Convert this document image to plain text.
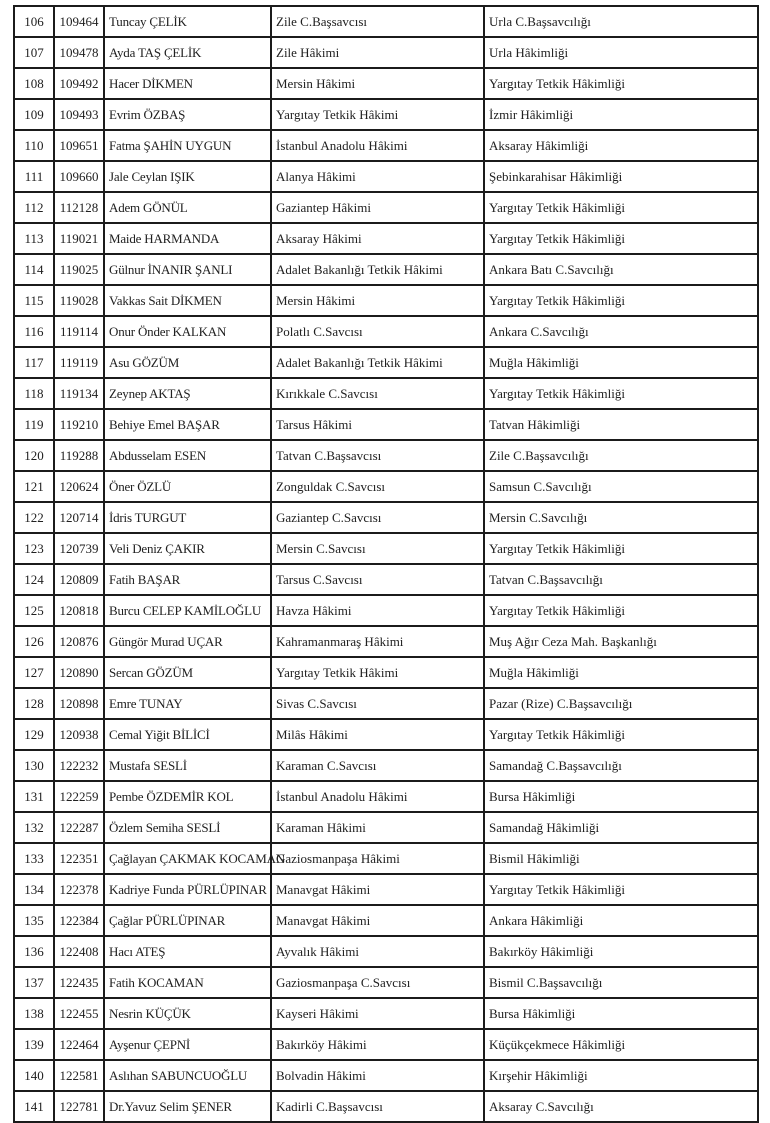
106	109464	Tuncay ÇELİK	Zile C.Başsavcısı	Urla C.Başsavcılığı
107	109478	Ayda TAŞ ÇELİK	Zile Hâkimi	Urla Hâkimliği
108	109492	Hacer DİKMEN	Mersin Hâkimi	Yargıtay Tetkik Hâkimliği
109	109493	Evrim ÖZBAŞ	Yargıtay Tetkik Hâkimi	İzmir Hâkimliği
110	109651	Fatma ŞAHİN UYGUN	İstanbul Anadolu Hâkimi	Aksaray Hâkimliği
111	109660	Jale Ceylan IŞIK	Alanya Hâkimi	Şebinkarahisar Hâkimliği
112	112128	Adem GÖNÜL	Gaziantep Hâkimi	Yargıtay Tetkik Hâkimliği
113	119021	Maide HARMANDA	Aksaray Hâkimi	Yargıtay Tetkik Hâkimliği
114	119025	Gülnur İNANIR ŞANLI	Adalet Bakanlığı Tetkik Hâkimi	Ankara Batı C.Savcılığı
115	119028	Vakkas Sait DİKMEN	Mersin Hâkimi	Yargıtay Tetkik Hâkimliği
116	119114	Onur Önder KALKAN	Polatlı C.Savcısı	Ankara C.Savcılığı
117	119119	Asu GÖZÜM	Adalet Bakanlığı Tetkik Hâkimi	Muğla Hâkimliği
118	119134	Zeynep AKTAŞ	Kırıkkale C.Savcısı	Yargıtay Tetkik Hâkimliği
119	119210	Behiye Emel BAŞAR	Tarsus Hâkimi	Tatvan Hâkimliği
120	119288	Abdusselam ESEN	Tatvan C.Başsavcısı	Zile C.Başsavcılığı
121	120624	Öner ÖZLÜ	Zonguldak C.Savcısı	Samsun C.Savcılığı
122	120714	İdris TURGUT	Gaziantep C.Savcısı	Mersin C.Savcılığı
123	120739	Veli Deniz ÇAKIR	Mersin C.Savcısı	Yargıtay Tetkik Hâkimliği
124	120809	Fatih BAŞAR	Tarsus C.Savcısı	Tatvan C.Başsavcılığı
125	120818	Burcu CELEP KAMİLOĞLU	Havza Hâkimi	Yargıtay Tetkik Hâkimliği
126	120876	Güngör Murad UÇAR	Kahramanmaraş Hâkimi	Muş Ağır Ceza Mah. Başkanlığı
127	120890	Sercan GÖZÜM	Yargıtay Tetkik Hâkimi	Muğla Hâkimliği
128	120898	Emre TUNAY	Sivas C.Savcısı	Pazar (Rize) C.Başsavcılığı
129	120938	Cemal Yiğit BİLİCİ	Milâs Hâkimi	Yargıtay Tetkik Hâkimliği
130	122232	Mustafa SESLİ	Karaman C.Savcısı	Samandağ C.Başsavcılığı
131	122259	Pembe ÖZDEMİR KOL	İstanbul Anadolu Hâkimi	Bursa Hâkimliği
132	122287	Özlem Semiha SESLİ	Karaman Hâkimi	Samandağ Hâkimliği
133	122351	Çağlayan ÇAKMAK KOCAMAN	Gaziosmanpaşa Hâkimi	Bismil Hâkimliği
134	122378	Kadriye Funda PÜRLÜPINAR	Manavgat Hâkimi	Yargıtay Tetkik Hâkimliği
135	122384	Çağlar PÜRLÜPINAR	Manavgat Hâkimi	Ankara Hâkimliği
136	122408	Hacı ATEŞ	Ayvalık Hâkimi	Bakırköy Hâkimliği
137	122435	Fatih KOCAMAN	Gaziosmanpaşa C.Savcısı	Bismil C.Başsavcılığı
138	122455	Nesrin KÜÇÜK	Kayseri Hâkimi	Bursa Hâkimliği
139	122464	Ayşenur ÇEPNİ	Bakırköy Hâkimi	Küçükçekmece Hâkimliği
140	122581	Aslıhan SABUNCUOĞLU	Bolvadin Hâkimi	Kırşehir Hâkimliği
141	122781	Dr.Yavuz Selim ŞENER	Kadirli C.Başsavcısı	Aksaray C.Savcılığı
